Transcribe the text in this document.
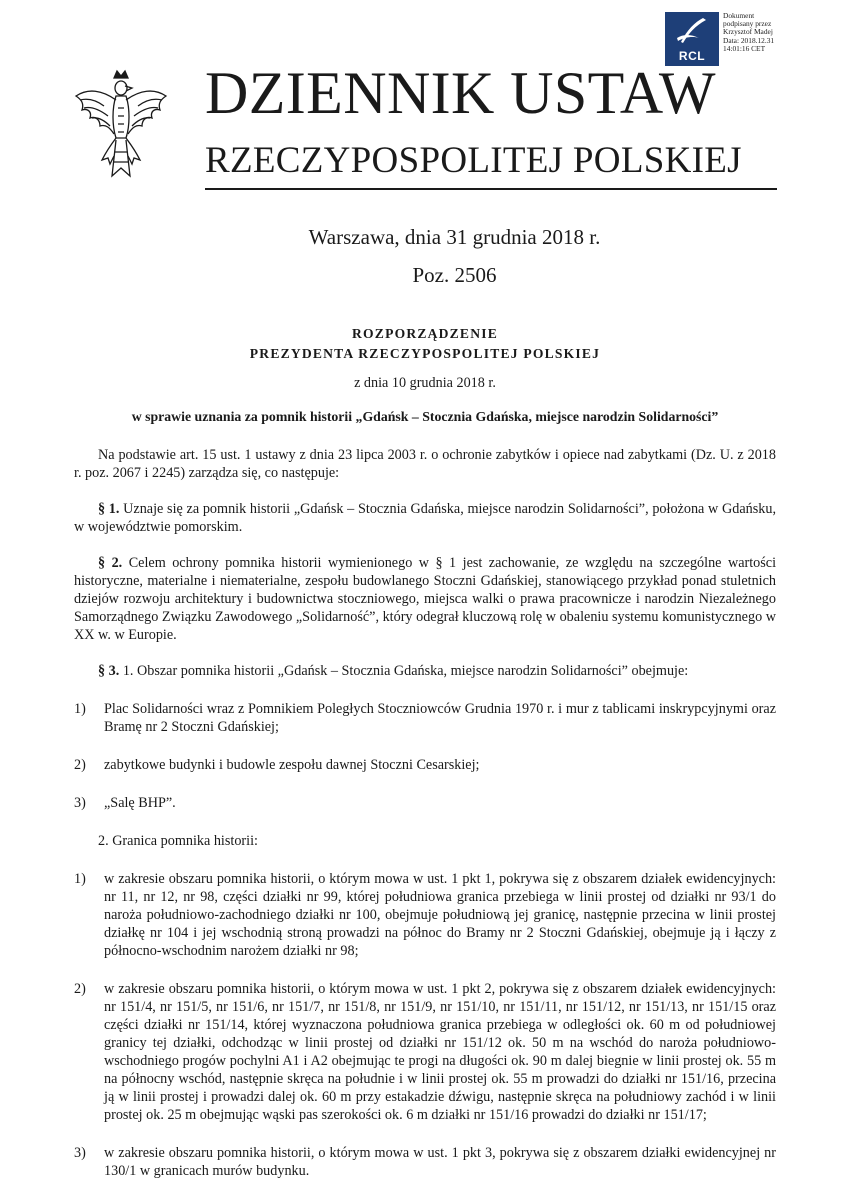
RCL
Dokument
podpisany przez
Krzysztof Madej
Data: 2018.12.31
14:01:16 CET
DZIENNIK USTAW
RZECZYPOSPOLITEJ POLSKIEJ
Warszawa, dnia 31 grudnia 2018 r.
Poz. 2506
ROZPORZĄDZENIE
PREZYDENTA RZECZYPOSPOLITEJ POLSKIEJ
z dnia 10 grudnia 2018 r.
w sprawie uznania za pomnik historii „Gdańsk – Stocznia Gdańska, miejsce narodzin Solidarności”

Na podstawie art. 15 ust. 1 ustawy z dnia 23 lipca 2003 r. o ochronie zabytków i opiece nad zabytkami (Dz. U. z 2018 r. poz. 2067 i 2245) zarządza się, co następuje:

§ 1. Uznaje się za pomnik historii „Gdańsk – Stocznia Gdańska, miejsce narodzin Solidarności”, położona w Gdańsku, w województwie pomorskim.

§ 2. Celem ochrony pomnika historii wymienionego w § 1 jest zachowanie, ze względu na szczególne wartości historyczne, materialne i niematerialne, zespołu budowlanego Stoczni Gdańskiej, stanowiącego przykład ponad stuletnich dziejów rozwoju architektury i budownictwa stoczniowego, miejsca walki o prawa pracownicze i narodzin Niezależnego Samorządnego Związku Zawodowego „Solidarność”, który odegrał kluczową rolę w obaleniu systemu komunistycznego w XX w. w Europie.

§ 3. 1. Obszar pomnika historii „Gdańsk – Stocznia Gdańska, miejsce narodzin Solidarności” obejmuje:

1)	Plac Solidarności wraz z Pomnikiem Poległych Stoczniowców Grudnia 1970 r. i mur z tablicami inskrypcyjnymi oraz Bramę nr 2 Stoczni Gdańskiej;
2)	zabytkowe budynki i budowle zespołu dawnej Stoczni Cesarskiej;
3)	„Salę BHP”.

2. Granica pomnika historii:

1)	w zakresie obszaru pomnika historii, o którym mowa w ust. 1 pkt 1, pokrywa się z obszarem działek ewidencyjnych: nr 11, nr 12, nr 98, części działki nr 99, której południowa granica przebiega w linii prostej od działki nr 93/1 do naroża południowo-zachodniego działki nr 100, obejmuje południową jej granicę, następnie przecina w linii prostej działkę nr 104 i jej wschodnią stroną prowadzi na północ do Bramy nr 2 Stoczni Gdańskiej, obejmuje ją i łączy z północno-wschodnim narożem działki nr 98;
2)	w zakresie obszaru pomnika historii, o którym mowa w ust. 1 pkt 2, pokrywa się z obszarem działek ewidencyjnych: nr 151/4, nr 151/5, nr 151/6, nr 151/7, nr 151/8, nr 151/9, nr 151/10, nr 151/11, nr 151/12, nr 151/13, nr 151/15 oraz części działki nr 151/14, której wyznaczona południowa granica przebiega w odległości ok. 60 m od południowej granicy tej działki, odchodząc w linii prostej od działki nr 151/12 ok. 50 m na wschód do naroża południowo-wschodniego progów pochylni A1 i A2 obejmując te progi na długości ok. 90 m dalej biegnie w linii prostej ok. 55 m na północny wschód, następnie skręca na południe i w linii prostej ok. 55 m prowadzi do działki nr 151/16, przecina ją w linii prostej i prowadzi dalej ok. 60 m przy estakadzie dźwigu, następnie skręca na południowy zachód i w linii prostej ok. 25 m obejmując wąski pas szerokości ok. 6 m działki nr 151/16 prowadzi do działki nr 151/17;
3)	w zakresie obszaru pomnika historii, o którym mowa w ust. 1 pkt 3, pokrywa się z obszarem działki ewidencyjnej nr 130/1 w granicach murów budynku.
